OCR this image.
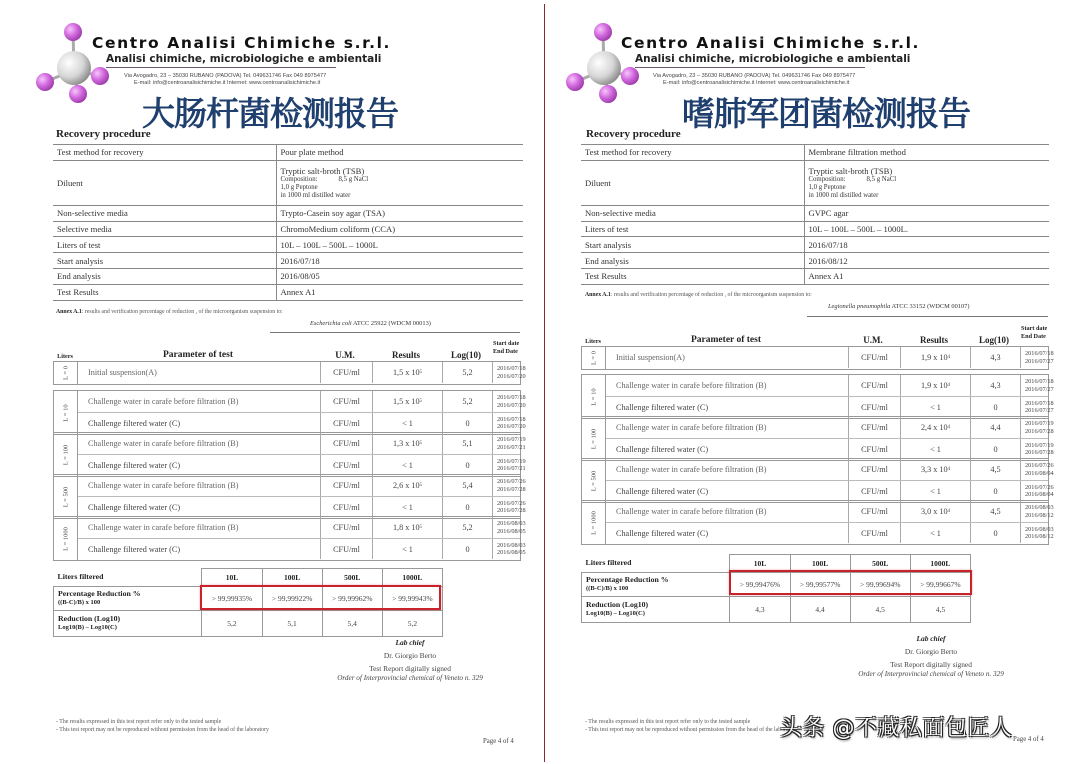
Centro Analisi Chimiche s.r.l.
Analisi chimiche, microbiologiche e ambientali
Via Avogadro, 23 – 35030 RUBANO (PADOVA) Tel. 049631746 Fax 049 8975477
E-mail: info@centroanalisichimiche.it Internet: www.centroanalisichimiche.it
大肠杆菌检测报告
Recovery procedure
Test method for recovery	Pour plate method
Diluent	Tryptic salt-broth (TSB)
Composition: 8,5 g NaCl
1,0 g Peptone
in 1000 ml distilled water

Non-selective media	Trypto-Casein soy agar (TSA)
Selective media	ChromoMedium coliform (CCA)
Liters of test	10L – 100L – 500L – 1000L
Start analysis	2016/07/18
End analysis	2016/08/05
Test Results	Annex A1
Annex A.1: results and verification percentage of reduction , of the microorganism suspension to:
Escherichia coli ATCC 25922 (WDCM 00013)
Liters	Parameter of test	U.M.	Results	Log(10)
Start date
End Date
L = 0	Initial suspension(A)	CFU/ml	1,5 x 10 5	5,2	2016/07/18
2016/07/20
L = 10
Challenge water in carafe before filtration (B)	CFU/ml	1,5 x 10 5	5,2	2016/07/18
2016/07/20
Challenge filtered water (C)	CFU/ml	< 1	0	2016/07/18
2016/07/20
L = 100
Challenge water in carafe before filtration (B)	CFU/ml	1,3 x 10 5	5,1	2016/07/19
2016/07/21
Challenge filtered water (C)	CFU/ml	< 1	0	2016/07/19
2016/07/21
L = 500
Challenge water in carafe before filtration (B)	CFU/ml	2,6 x 10 5	5,4	2016/07/26
2016/07/28
Challenge filtered water (C)	CFU/ml	< 1	0	2016/07/26
2016/07/28
L = 1000	Challenge water in carafe before filtration (B)	CFU/ml	1,8 x 10 5	5,2	2016/08/03
2016/08/05
Challenge filtered water (C)	CFU/ml	< 1	0	2016/08/03
2016/08/05
Liters filtered	10L	100L	500L	1000L

Percentage Reduction %
((B-C)/B) x 100	> 99,99935%	> 99,99922%	> 99,99962%	> 99,99943%

Reduction (Log10)
Log10(B) – Log10(C)	5,2	5,1	5,4	5,2
Lab chief
Dr. Giorgio Berto
Test Report digitally signed
Order of Interprovincial chemical of Veneto n. 329
- The results expressed in this test report refer only to the tested sample
- This test report may not be reproduced without permission from the head of the laboratory
Page 4 of 4
Centro Analisi Chimiche s.r.l.
Analisi chimiche, microbiologiche e ambientali
Via Avogadro, 23 – 35030 RUBANO (PADOVA) Tel. 049631746 Fax 049 8975477
E-mail: info@centroanalisichimiche.it Internet: www.centroanalisichimiche.it
嗜肺军团菌检测报告
Recovery procedure
Test method for recovery	Membrane filtration method
Diluent	Tryptic salt-broth (TSB)
Composition: 8,5 g NaCl
1,0 g Peptone
in 1000 ml distilled water

Non-selective media	GVPC agar
Liters of test	10L – 100L – 500L – 1000L.
Start analysis	2016/07/18
End analysis	2016/08/12
Test Results	Annex A1
Annex A.1: results and verification percentage of reduction , of the microorganism suspension to:
Legionella pneumophila ATCC 33152 (WDCM 00107)
Liters	Parameter of test	U.M.	Results	Log(10)
Start date
End Date
L = 0	Initial suspension(A)	CFU/ml	1,9 x 10 4	4,3	2016/07/18
2016/07/27
L = 10
Challenge water in carafe before filtration (B)	CFU/ml	1,9 x 10 4	4,3	2016/07/18
2016/07/27
Challenge filtered water (C)	CFU/ml	< 1	0	2016/07/18
2016/07/27
L = 100
Challenge water in carafe before filtration (B)	CFU/ml	2,4 x 10 4	4,4	2016/07/19
2016/07/28
Challenge filtered water (C)	CFU/ml	< 1	0	2016/07/19
2016/07/28
L = 500
Challenge water in carafe before filtration (B)	CFU/ml	3,3 x 10 4	4,5	2016/07/26
2016/08/04
Challenge filtered water (C)	CFU/ml	< 1	0	2016/07/26
2016/08/04
L = 1000	Challenge water in carafe before filtration (B)	CFU/ml	3,0 x 10 4	4,5	2016/08/03
2016/08/12
Challenge filtered water (C)	CFU/ml	< 1	0	2016/08/03
2016/08/12
Liters filtered	10L	100L	500L	1000L

Percentage Reduction %
((B-C)/B) x 100	> 99,99476%	> 99,99577%	> 99,99694%	> 99,99667%

Reduction (Log10)
Log10(B) – Log10(C)	4,3	4,4	4,5	4,5
Lab chief
Dr. Giorgio Berto
Test Report digitally signed
Order of Interprovincial chemical of Veneto n. 329
- The results expressed in this test report refer only to the tested sample
- This test report may not be reproduced without permission from the head of the laboratory
Page 4 of 4
头条 @不藏私面包匠人
